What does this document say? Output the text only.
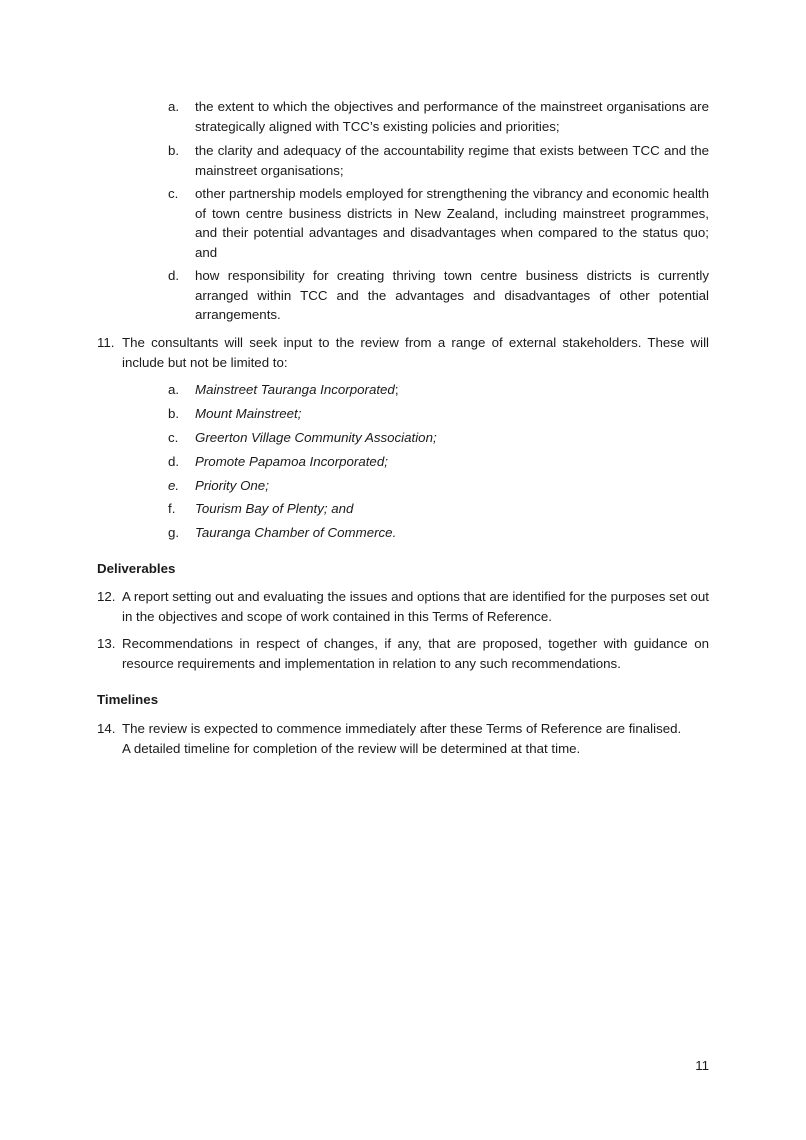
a.	the extent to which the objectives and performance of the mainstreet organisations are strategically aligned with TCC’s existing policies and priorities;
b.	the clarity and adequacy of the accountability regime that exists between TCC and the mainstreet organisations;
c.	other partnership models employed for strengthening the vibrancy and economic health of town centre business districts in New Zealand, including mainstreet programmes, and their potential advantages and disadvantages when compared to the status quo; and
d.	how responsibility for creating thriving town centre business districts is currently arranged within TCC and the advantages and disadvantages of other potential arrangements.
11. The consultants will seek input to the review from a range of external stakeholders. These will include but not be limited to:
a.	Mainstreet Tauranga Incorporated;
b.	Mount Mainstreet;
c.	Greerton Village Community Association;
d.	Promote Papamoa Incorporated;
e.	Priority One;
f.	Tourism Bay of Plenty; and
g.	Tauranga Chamber of Commerce.
Deliverables
12. A report setting out and evaluating the issues and options that are identified for the purposes set out in the objectives and scope of work contained in this Terms of Reference.
13. Recommendations in respect of changes, if any, that are proposed, together with guidance on resource requirements and implementation in relation to any such recommendations.
Timelines
14. The review is expected to commence immediately after these Terms of Reference are finalised.
A detailed timeline for completion of the review will be determined at that time.
11
